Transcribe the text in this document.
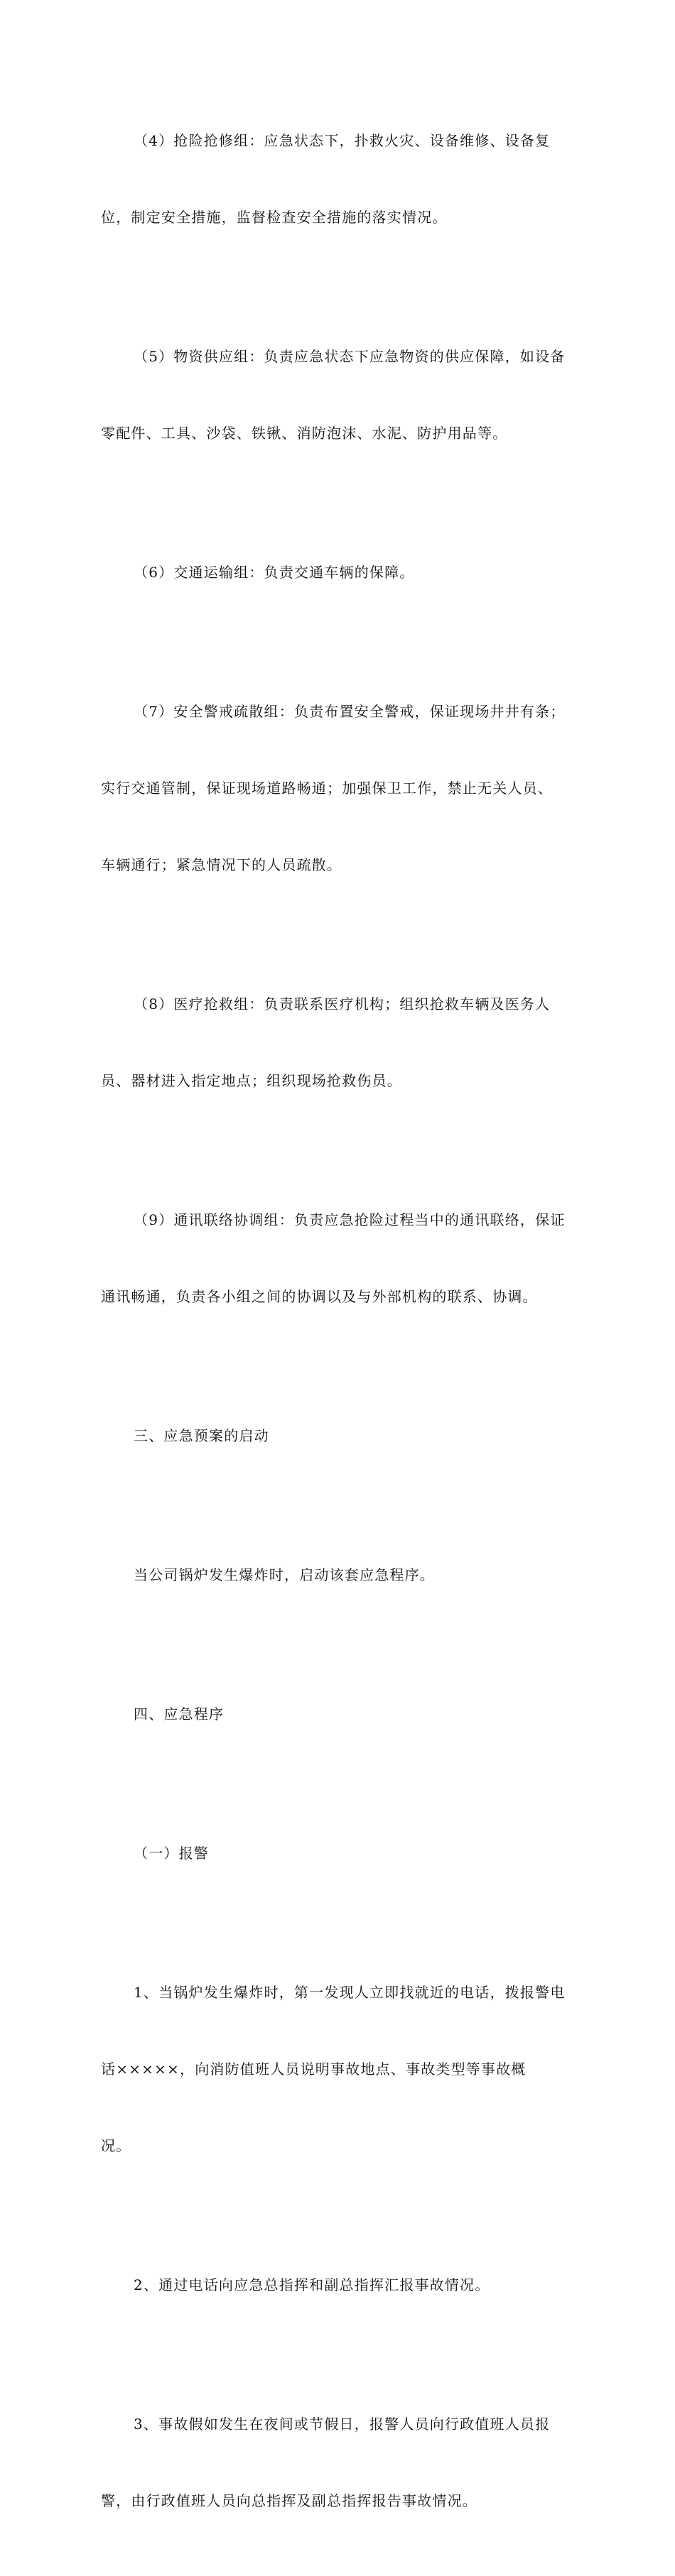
（4）抢险抢修组：应急状态下，扑救火灾、设备维修、设备复

位，制定安全措施，监督检查安全措施的落实情况。

（5）物资供应组：负责应急状态下应急物资的供应保障，如设备

零配件、工具、沙袋、铁锹、消防泡沫、水泥、防护用品等。

（6）交通运输组：负责交通车辆的保障。

（7）安全警戒疏散组：负责布置安全警戒，保证现场井井有条；

实行交通管制，保证现场道路畅通；加强保卫工作，禁止无关人员、

车辆通行；紧急情况下的人员疏散。

（8）医疗抢救组：负责联系医疗机构；组织抢救车辆及医务人

员、器材进入指定地点；组织现场抢救伤员。

（9）通讯联络协调组：负责应急抢险过程当中的通讯联络，保证

通讯畅通，负责各小组之间的协调以及与外部机构的联系、协调。

三、应急预案的启动

当公司锅炉发生爆炸时，启动该套应急程序。

四、应急程序

（一）报警

1、当锅炉发生爆炸时，第一发现人立即找就近的电话，拨报警电

话×××××，向消防值班人员说明事故地点、事故类型等事故概

况。

2、通过电话向应急总指挥和副总指挥汇报事故情况。

3、事故假如发生在夜间或节假日，报警人员向行政值班人员报

警，由行政值班人员向总指挥及副总指挥报告事故情况。
